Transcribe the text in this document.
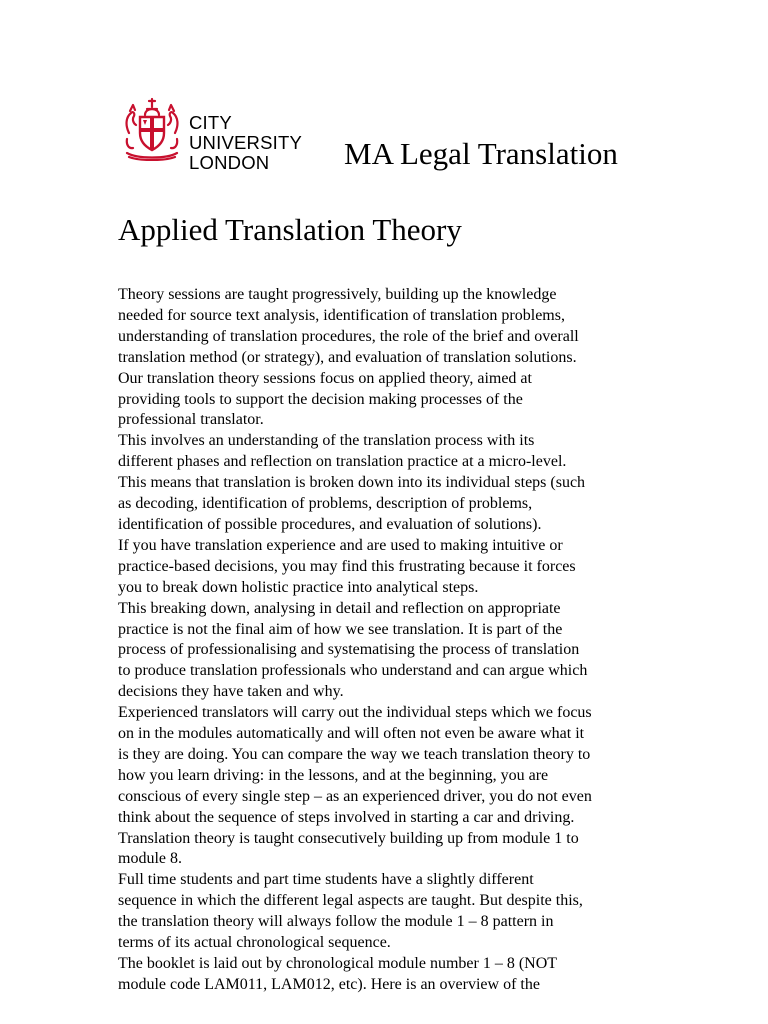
CITY UNIVERSITY
LONDON	MA Legal Translation
Applied Translation Theory

Theory sessions are taught progressively, building up the knowledge
needed for source text analysis, identification of translation problems,
understanding of translation procedures, the role of the brief and overall
translation method (or strategy), and evaluation of translation solutions.

Our translation theory sessions focus on applied theory, aimed at
providing tools to support the decision making processes of the
professional translator.

This involves an understanding of the translation process with its
different phases and reflection on translation practice at a micro-level.
This means that translation is broken down into its individual steps (such
as decoding, identification of problems, description of problems,
identification of possible procedures, and evaluation of solutions).

If you have translation experience and are used to making intuitive or
practice-based decisions, you may find this frustrating because it forces
you to break down holistic practice into analytical steps.

This breaking down, analysing in detail and reflection on appropriate
practice is not the final aim of how we see translation. It is part of the
process of professionalising and systematising the process of translation
to produce translation professionals who understand and can argue which
decisions they have taken and why.

Experienced translators will carry out the individual steps which we focus
on in the modules automatically and will often not even be aware what it
is they are doing. You can compare the way we teach translation theory to
how you learn driving: in the lessons, and at the beginning, you are
conscious of every single step – as an experienced driver, you do not even
think about the sequence of steps involved in starting a car and driving.

Translation theory is taught consecutively building up from module 1 to
module 8.

Full time students and part time students have a slightly different
sequence in which the different legal aspects are taught. But despite this,
the translation theory will always follow the module 1 – 8 pattern in
terms of its actual chronological sequence.

The booklet is laid out by chronological module number 1 – 8 (NOT
module code LAM011, LAM012, etc). Here is an overview of the
